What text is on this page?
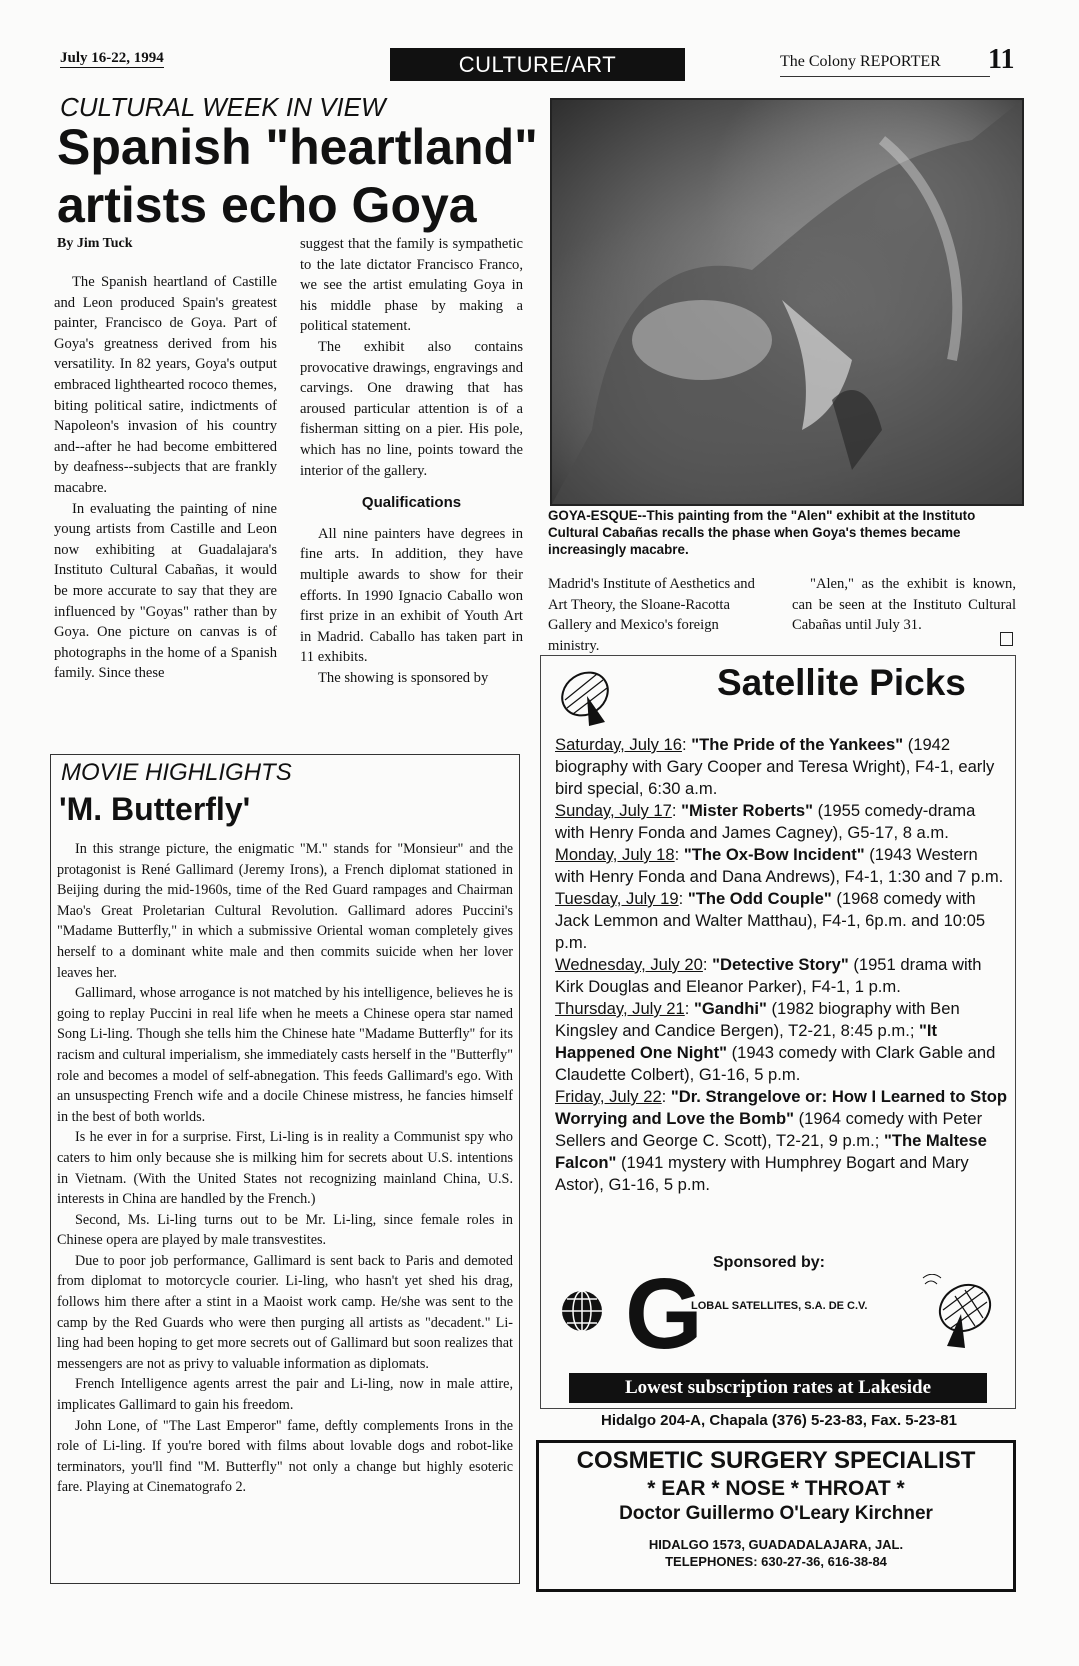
July 16-22, 1994	CULTURE/ART	The Colony REPORTER 11
CULTURAL WEEK IN VIEW
Spanish "heartland"
artists echo Goya
By Jim Tuck

The Spanish heartland of Castille and Leon produced Spain's greatest painter, Francisco de Goya. Part of Goya's greatness derived from his versatility. In 82 years, Goya's output embraced lighthearted rococo themes, biting political satire, indictments of Napoleon's invasion of his country and--after he had become embittered by deafness--subjects that are frankly macabre.

In evaluating the painting of nine young artists from Castille and Leon now exhibiting at Guadalajara's Instituto Cultural Cabañas, it would be more accurate to say that they are influenced by "Goyas" rather than by Goya. One picture on canvas is of photographs in the home of a Spanish family. Since these

suggest that the family is sympathetic to the late dictator Francisco Franco, we see the artist emulating Goya in his middle phase by making a political statement.

The exhibit also contains provocative drawings, engravings and carvings. One drawing that has aroused particular attention is of a fisherman sitting on a pier. His pole, which has no line, points toward the interior of the gallery.

Qualifications

All nine painters have degrees in fine arts. In addition, they have multiple awards to show for their efforts. In 1990 Ignacio Caballo won first prize in an exhibit of Youth Art in Madrid. Caballo has taken part in 11 exhibits.

The showing is sponsored by

GOYA-ESQUE--This painting from the "Alen" exhibit at the Instituto Cultural Cabañas recalls the phase when Goya's themes became increasingly macabre.

Madrid's Institute of Aesthetics and Art Theory, the Sloane-Racotta Gallery and Mexico's foreign ministry.

"Alen," as the exhibit is known, can be seen at the Instituto Cultural Cabañas until July 31.

MOVIE HIGHLIGHTS
'M. Butterfly'

In this strange picture, the enigmatic "M." stands for "Monsieur" and the protagonist is René Gallimard (Jeremy Irons), a French diplomat stationed in Beijing during the mid-1960s, time of the Red Guard rampages and Chairman Mao's Great Proletarian Cultural Revolution. Gallimard adores Puccini's "Madame Butterfly," in which a submissive Oriental woman completely gives herself to a dominant white male and then commits suicide when her lover leaves her.

Gallimard, whose arrogance is not matched by his intelligence, believes he is going to replay Puccini in real life when he meets a Chinese opera star named Song Li-ling. Though she tells him the Chinese hate "Madame Butterfly" for its racism and cultural imperialism, she immediately casts herself in the "Butterfly" role and becomes a model of self-abnegation. This feeds Gallimard's ego. With an unsuspecting French wife and a docile Chinese mistress, he fancies himself in the best of both worlds.

Is he ever in for a surprise. First, Li-ling is in reality a Communist spy who caters to him only because she is milking him for secrets about U.S. intentions in Vietnam. (With the United States not recognizing mainland China, U.S. interests in China are handled by the French.)

Second, Ms. Li-ling turns out to be Mr. Li-ling, since female roles in Chinese opera are played by male transvestites.

Due to poor job performance, Gallimard is sent back to Paris and demoted from diplomat to motorcycle courier. Li-ling, who hasn't yet shed his drag, follows him there after a stint in a Maoist work camp. He/she was sent to the camp by the Red Guards who were then purging all artists as "decadent." Li-ling had been hoping to get more secrets out of Gallimard but soon realizes that messengers are not as privy to valuable information as diplomats.

French Intelligence agents arrest the pair and Li-ling, now in male attire, implicates Gallimard to gain his freedom.

John Lone, of "The Last Emperor" fame, deftly complements Irons in the role of Li-ling. If you're bored with films about lovable dogs and robot-like terminators, you'll find "M. Butterfly" not only a change but highly esoteric fare. Playing at Cinematografo 2.

Satellite Picks

Saturday, July 16: "The Pride of the Yankees" (1942 biography with Gary Cooper and Teresa Wright), F4-1, early bird special, 6:30 a.m.

Sunday, July 17: "Mister Roberts" (1955 comedy-drama with Henry Fonda and James Cagney), G5-17, 8 a.m.

Monday, July 18: "The Ox-Bow Incident" (1943 Western with Henry Fonda and Dana Andrews), F4-1, 1:30 and 7 p.m.

Tuesday, July 19: "The Odd Couple" (1968 comedy with Jack Lemmon and Walter Matthau), F4-1, 6p.m. and 10:05 p.m.

Wednesday, July 20: "Detective Story" (1951 drama with Kirk Douglas and Eleanor Parker), F4-1, 1 p.m.

Thursday, July 21: "Gandhi" (1982 biography with Ben Kingsley and Candice Bergen), T2-21, 8:45 p.m.; "It Happened One Night" (1943 comedy with Clark Gable and Claudette Colbert), G1-16, 5 p.m.

Friday, July 22: "Dr. Strangelove or: How I Learned to Stop Worrying and Love the Bomb" (1964 comedy with Peter Sellers and George C. Scott), T2-21, 9 p.m.; "The Maltese Falcon" (1941 mystery with Humphrey Bogart and Mary Astor), G1-16, 5 p.m.

Sponsored by:
G
LOBAL SATELLITES, S.A. DE C.V.
Lowest subscription rates at Lakeside
Hidalgo 204-A, Chapala (376) 5-23-83, Fax. 5-23-81
COSMETIC SURGERY SPECIALIST
* EAR * NOSE * THROAT *
Doctor Guillermo O'Leary Kirchner
HIDALGO 1573, GUADADALAJARA, JAL.
TELEPHONES: 630-27-36, 616-38-84
